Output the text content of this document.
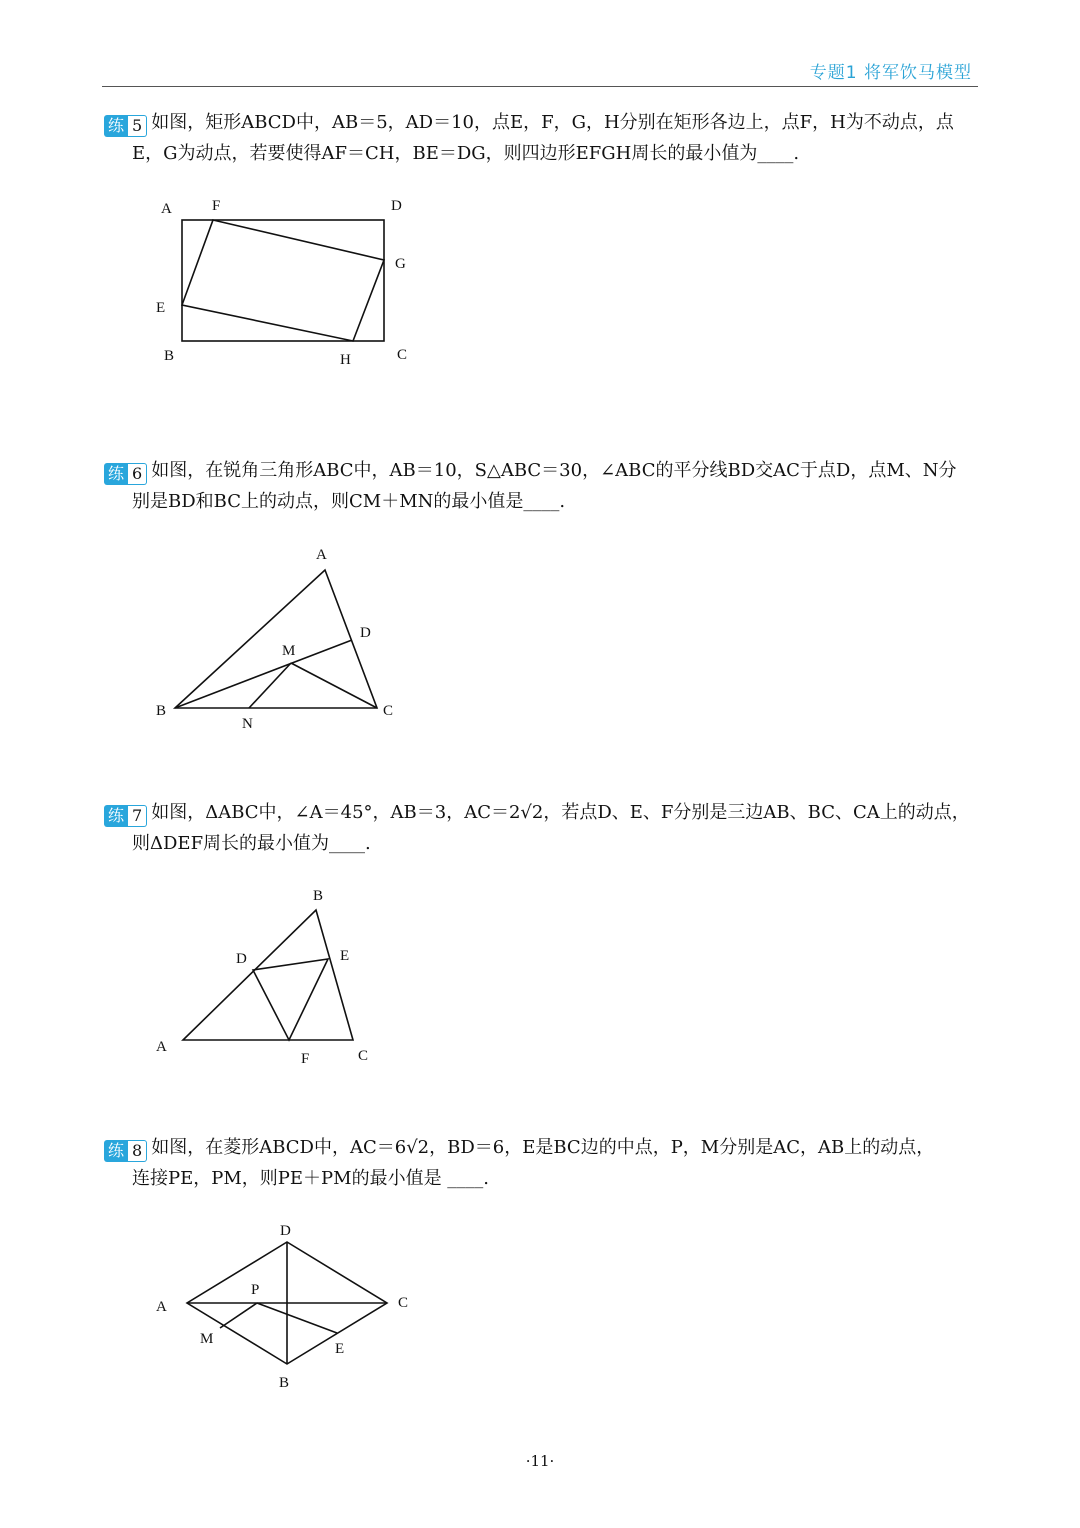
专题1 将军饮马模型
练 5 如图，矩形ABCD中，AB＝5，AD＝10，点E，F，G，H分别在矩形各边上，点F，H为不动点，点
E，G为动点，若要使得AF＝CH，BE＝DG，则四边形EFGH周长的最小值为____.
A	F	D
G
E
B	H	C
练 6 如图，在锐角三角形ABC中，AB＝10，S△ABC＝30，∠ABC的平分线BD交AC于点D，点M、N分
别是BD和BC上的动点，则CM＋MN的最小值是____.
A
D
M
B
N
C
练 7 如图，ΔABC中，∠A＝45°，AB＝3，AC＝2√2，若点D、E、F分别是三边AB、BC、CA上的动点，
则ΔDEF周长的最小值为____.
B
D	E
A
F	C
练 8 如图，在菱形ABCD中，AC＝6√2，BD＝6，E是BC边的中点，P，M分别是AC，AB上的动点，
连接PE，PM，则PE＋PM的最小值是 ____.
D
A
P
C
M
E
B
·11·
